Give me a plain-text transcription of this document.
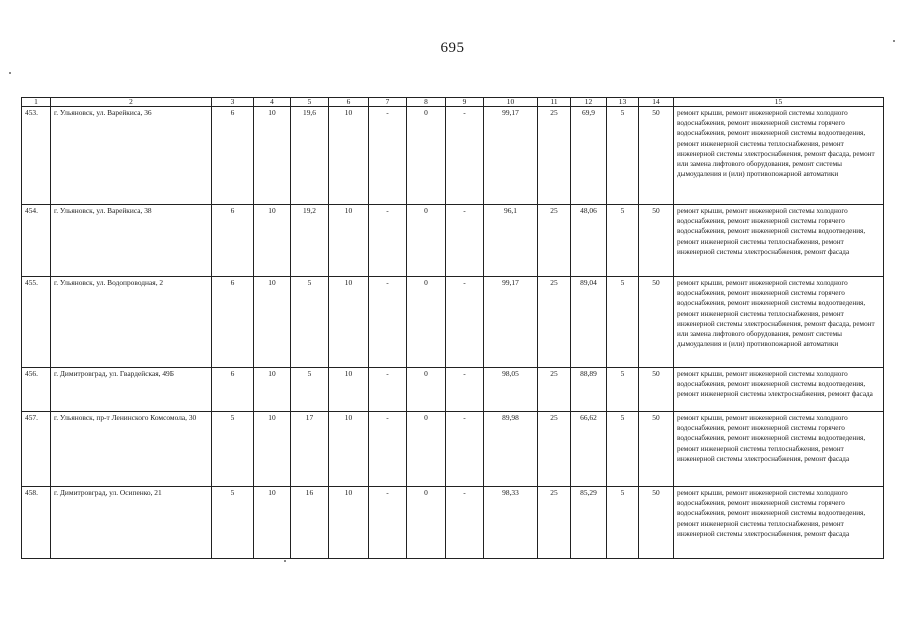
695
1	2	3	4	5	6	7	8	9	10	11	12	13	14	15
453.	г. Ульяновск, ул. Варейкиса, 36	6	10	19,6	10	-	0	-	99,17	25	69,9	5	50	ремонт крыши, ремонт инженерной системы холодного водоснабжения, ремонт инженерной системы горячего водоснабжения, ремонт инженерной системы водоотведения, ремонт инженерной системы теплоснабжения, ремонт инженерной системы электроснабжения, ремонт фасада, ремонт или замена лифтового оборудования, ремонт системы дымоудаления и (или) противопожарной автоматики
454.	г. Ульяновск, ул. Варейкиса, 38	6	10	19,2	10	-	0	-	96,1	25	48,06	5	50	ремонт крыши, ремонт инженерной системы холодного водоснабжения, ремонт инженерной системы горячего водоснабжения, ремонт инженерной системы водоотведения, ремонт инженерной системы теплоснабжения, ремонт инженерной системы электроснабжения, ремонт фасада
455.	г. Ульяновск, ул. Водопроводная, 2	6	10	5	10	-	0	-	99,17	25	89,04	5	50	ремонт крыши, ремонт инженерной системы холодного водоснабжения, ремонт инженерной системы горячего водоснабжения, ремонт инженерной системы водоотведения, ремонт инженерной системы теплоснабжения, ремонт инженерной системы электроснабжения, ремонт фасада, ремонт или замена лифтового оборудования, ремонт системы дымоудаления и (или) противопожарной автоматики
456.	г. Димитровград, ул. Гвардейская, 49Б	6	10	5	10	-	0	-	98,05	25	88,89	5	50	ремонт крыши, ремонт инженерной системы холодного водоснабжения, ремонт инженерной системы водоотведения, ремонт инженерной системы электроснабжения, ремонт фасада
457.	г. Ульяновск, пр-т Ленинского Комсомола, 30	5	10	17	10	-	0	-	89,98	25	66,62	5	50	ремонт крыши, ремонт инженерной системы холодного водоснабжения, ремонт инженерной системы горячего водоснабжения, ремонт инженерной системы водоотведения, ремонт инженерной системы теплоснабжения, ремонт инженерной системы электроснабжения, ремонт фасада
458.	г. Димитровград, ул. Осипенко, 21	5	10	16	10	-	0	-	98,33	25	85,29	5	50	ремонт крыши, ремонт инженерной системы холодного водоснабжения, ремонт инженерной системы горячего водоснабжения, ремонт инженерной системы водоотведения, ремонт инженерной системы теплоснабжения, ремонт инженерной системы электроснабжения, ремонт фасада
